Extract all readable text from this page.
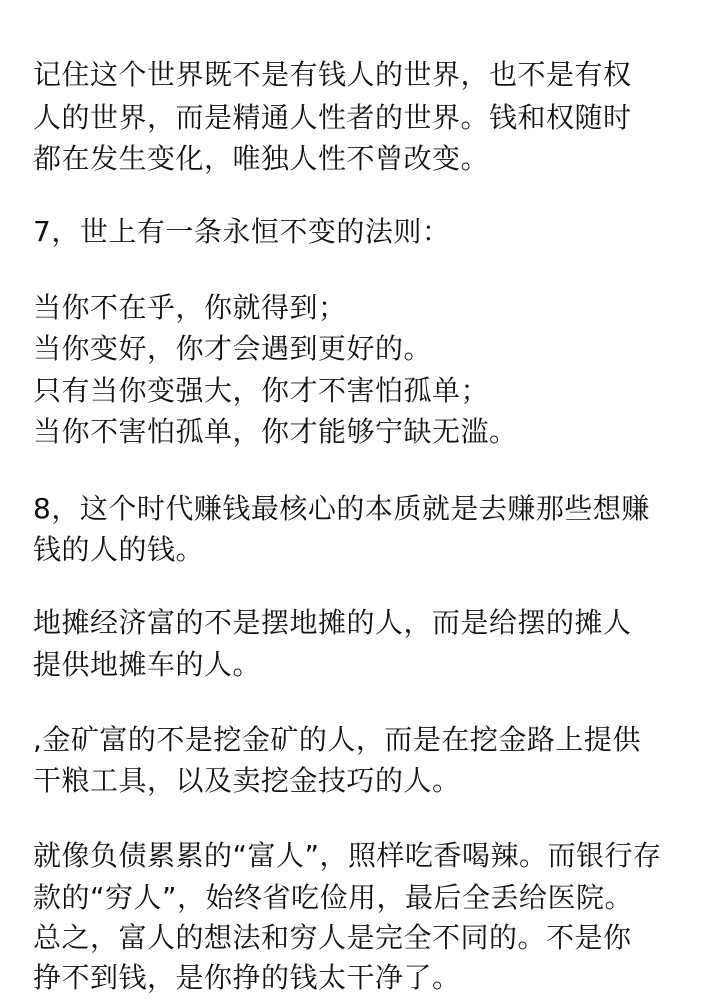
记住这个世界既不是有钱人的世界，也不是有权
人的世界，而是精通人性者的世界。钱和权随时
都在发生变化，唯独人性不曾改变。
7，世上有一条永恒不变的法则：
当你不在乎，你就得到；
当你变好，你才会遇到更好的。
只有当你变强大，你才不害怕孤单；
当你不害怕孤单，你才能够宁缺无滥。
8，这个时代赚钱最核心的本质就是去赚那些想赚
钱的人的钱。
地摊经济富的不是摆地摊的人，而是给摆的摊人
提供地摊车的人。
,金矿富的不是挖金矿的人，而是在挖金路上提供
干粮工具，以及卖挖金技巧的人。
就像负债累累的“富人”，照样吃香喝辣。而银行存
款的“穷人”，始终省吃俭用，最后全丢给医院。
总之，富人的想法和穷人是完全不同的。不是你
挣不到钱，是你挣的钱太干净了。
